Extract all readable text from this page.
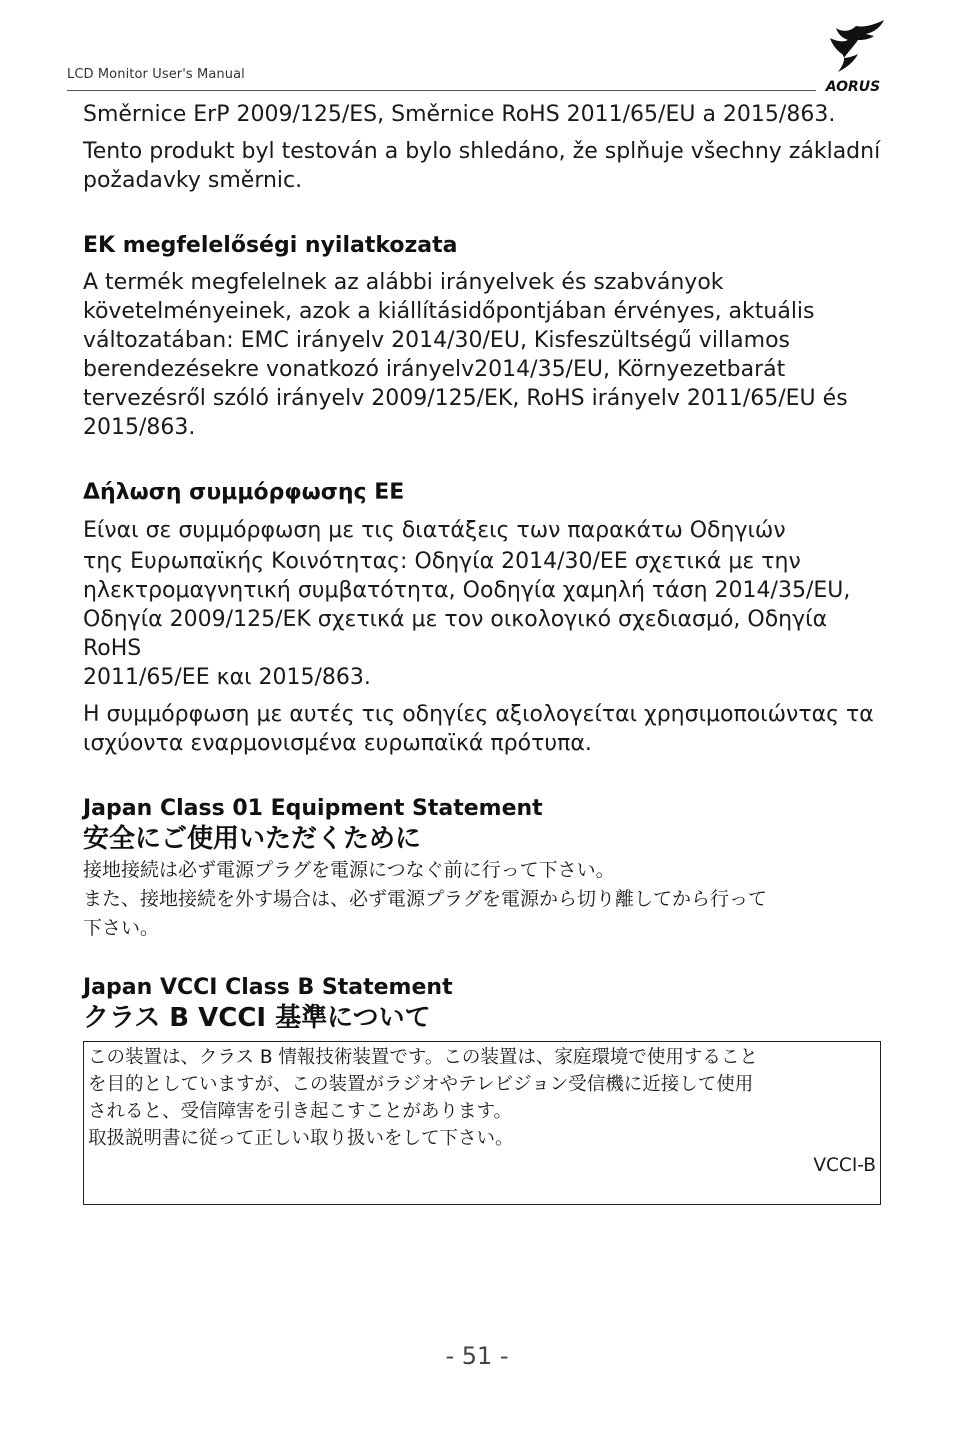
LCD Monitor User's Manual
AORUS

Směrnice ErP 2009/125/ES, Směrnice RoHS 2011/65/EU a 2015/863.

Tento produkt byl testován a bylo shledáno, že splňuje všechny základní

požadavky směrnic.

EK megfelelőségi nyilatkozata

A termék megfelelnek az alábbi irányelvek és szabványok

követelményeinek, azok a kiállításidőpontjában érvényes, aktuális

változatában: EMC irányelv 2014/30/EU, Kisfeszültségű villamos

berendezésekre vonatkozó irányelv2014/35/EU, Környezetbarát

tervezésről szóló irányelv 2009/125/EK, RoHS irányelv 2011/65/EU és

2015/863.

Δήλωση συμμόρφωσης ΕΕ

Είναι σε συμμόρφωση με τις διατάξεις των παρακάτω Οδηγιών

της Ευρωπαϊκής Κοινότητας: Οδηγία 2014/30/ΕΕ σχετικά με την

ηλεκτρομαγνητική συμβατότητα, Οοδηγία χαμηλή τάση 2014/35/EU,

Οδηγία 2009/125/ΕΚ σχετικά με τον οικολογικό σχεδιασμό, Οδηγία RoHS

2011/65/ΕΕ και 2015/863.

Η συμμόρφωση με αυτές τις οδηγίες αξιολογείται χρησιμοποιώντας τα

ισχύοντα εναρμονισμένα ευρωπαϊκά πρότυπα.

Japan Class 01 Equipment Statement
安全にご使用いただくために

接地接続は必ず電源プラグを電源につなぐ前に行って下さい。

また、接地接続を外す場合は、必ず電源プラグを電源から切り離してから行って

下さい。

Japan VCCI Class B Statement
クラス B VCCI 基準について

この装置は、クラス B 情報技術装置です。この装置は、家庭環境で使用すること

を目的としていますが、この装置がラジオやテレビジョン受信機に近接して使用

されると、受信障害を引き起こすことがあります。

取扱説明書に従って正しい取り扱いをして下さい。

VCCI-B

- 51 -
